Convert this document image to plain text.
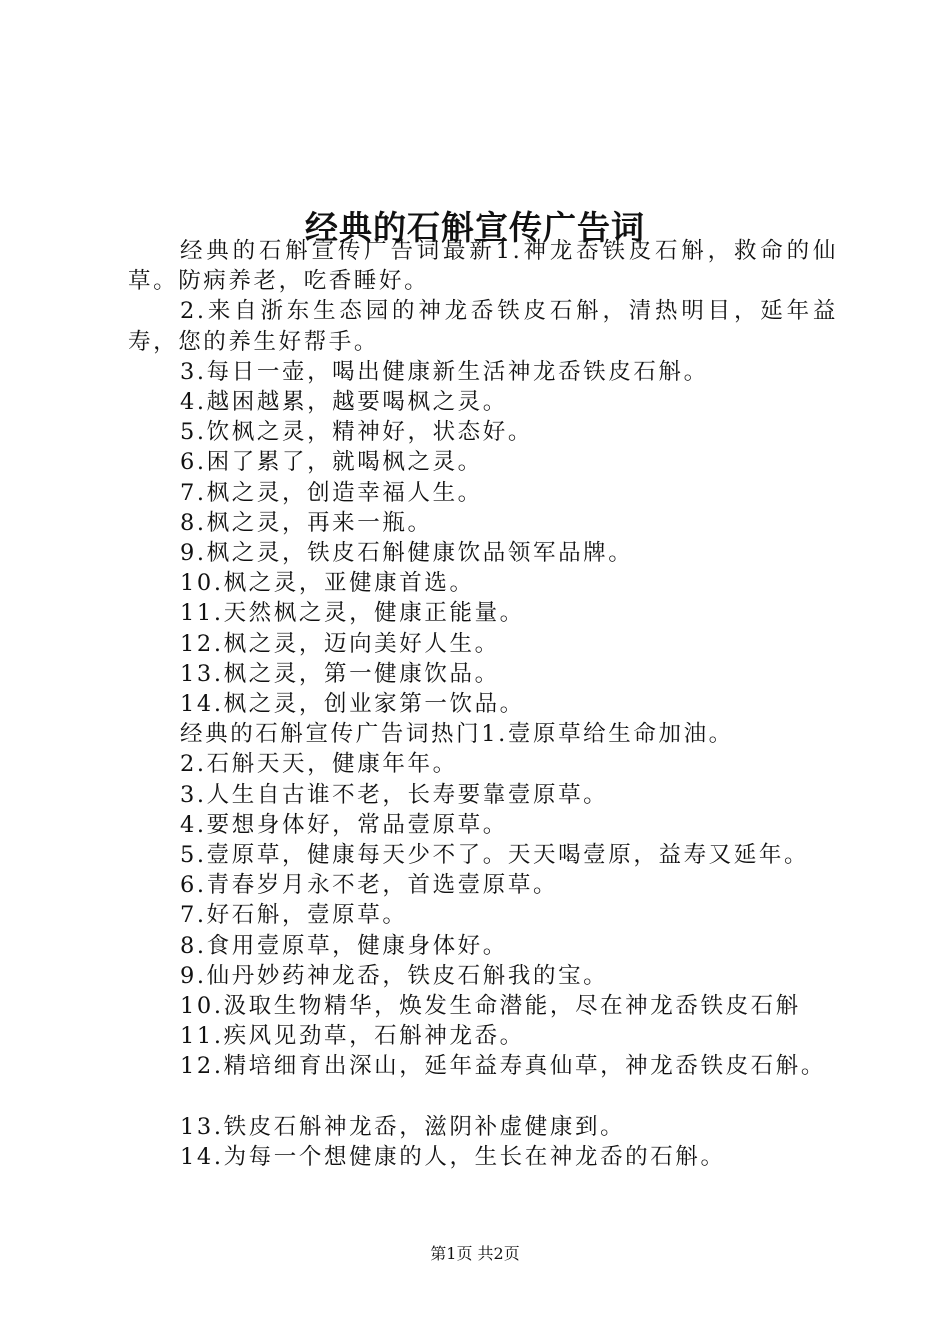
经典的石斛宣传广告词

经典的石斛宣传广告词最新1.神龙岙铁皮石斛，救命的仙草。防病养老，吃香睡好。

2.来自浙东生态园的神龙岙铁皮石斛，清热明目，延年益寿，您的养生好帮手。

3.每日一壶，喝出健康新生活神龙岙铁皮石斛。

4.越困越累，越要喝枫之灵。

5.饮枫之灵，精神好，状态好。

6.困了累了，就喝枫之灵。

7.枫之灵，创造幸福人生。

8.枫之灵，再来一瓶。

9.枫之灵，铁皮石斛健康饮品领军品牌。

10.枫之灵，亚健康首选。

11.天然枫之灵，健康正能量。

12.枫之灵，迈向美好人生。

13.枫之灵，第一健康饮品。

14.枫之灵，创业家第一饮品。

经典的石斛宣传广告词热门1.壹原草给生命加油。

2.石斛天天，健康年年。

3.人生自古谁不老，长寿要靠壹原草。

4.要想身体好，常品壹原草。

5.壹原草，健康每天少不了。天天喝壹原，益寿又延年。

6.青春岁月永不老，首选壹原草。

7.好石斛，壹原草。

8.食用壹原草，健康身体好。

9.仙丹妙药神龙岙，铁皮石斛我的宝。

10.汲取生物精华，焕发生命潜能，尽在神龙岙铁皮石斛

11.疾风见劲草，石斛神龙岙。

12.精培细育出深山，延年益寿真仙草，神龙岙铁皮石斛。

13.铁皮石斛神龙岙，滋阴补虚健康到。

14.为每一个想健康的人，生长在神龙岙的石斛。

第1页 共2页
